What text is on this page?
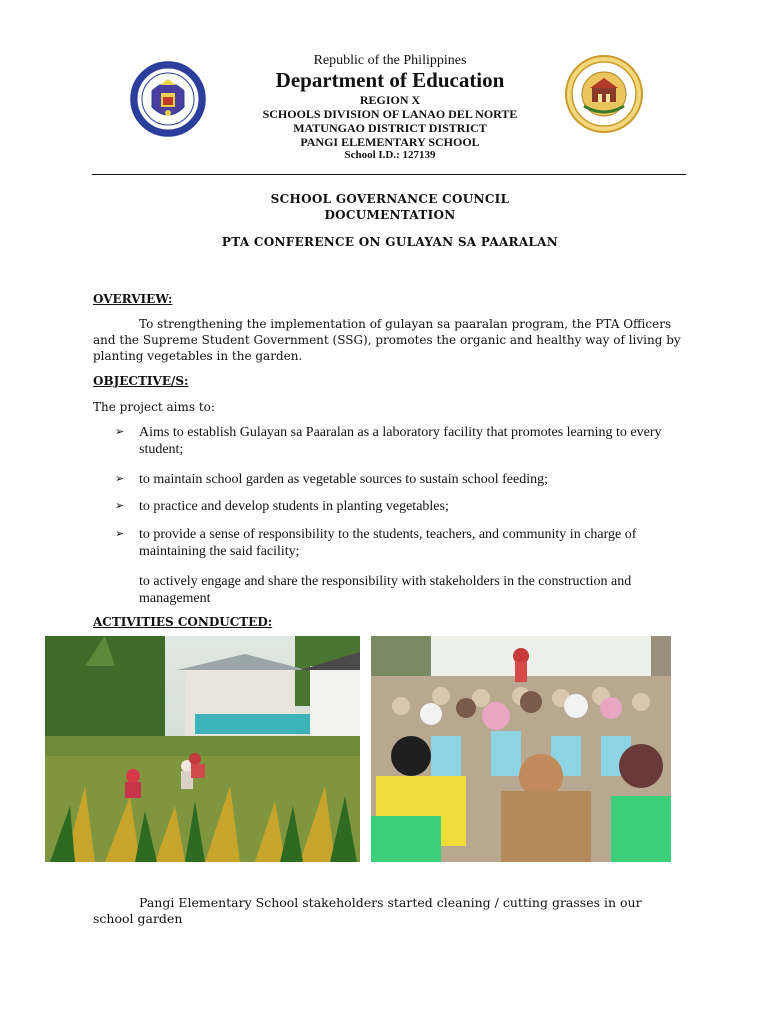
Republic of the Philippines
Department of Education
REGION X
SCHOOLS DIVISION OF LANAO DEL NORTE
MATUNGAO DISTRICT DISTRICT
PANGI ELEMENTARY SCHOOL
School I.D.: 127139
SCHOOL GOVERNANCE COUNCIL
DOCUMENTATION
PTA CONFERENCE ON GULAYAN SA PAARALAN
OVERVIEW:
To strengthening the implementation of gulayan sa paaralan program, the PTA Officers and the Supreme Student Government (SSG), promotes the organic and healthy way of living by planting vegetables in the garden.
OBJECTIVE/S:
The project aims to:
➢ Aims to establish Gulayan sa Paaralan as a laboratory facility that promotes learning to every student;
➢ to maintain school garden as vegetable sources to sustain school feeding;
➢ to practice and develop students in planting vegetables;
➢ to provide a sense of responsibility to the students, teachers, and community in charge of maintaining the said facility;
to actively engage and share the responsibility with stakeholders in the construction and management
ACTIVITIES CONDUCTED:
Pangi Elementary School stakeholders started cleaning / cutting grasses in our school garden
